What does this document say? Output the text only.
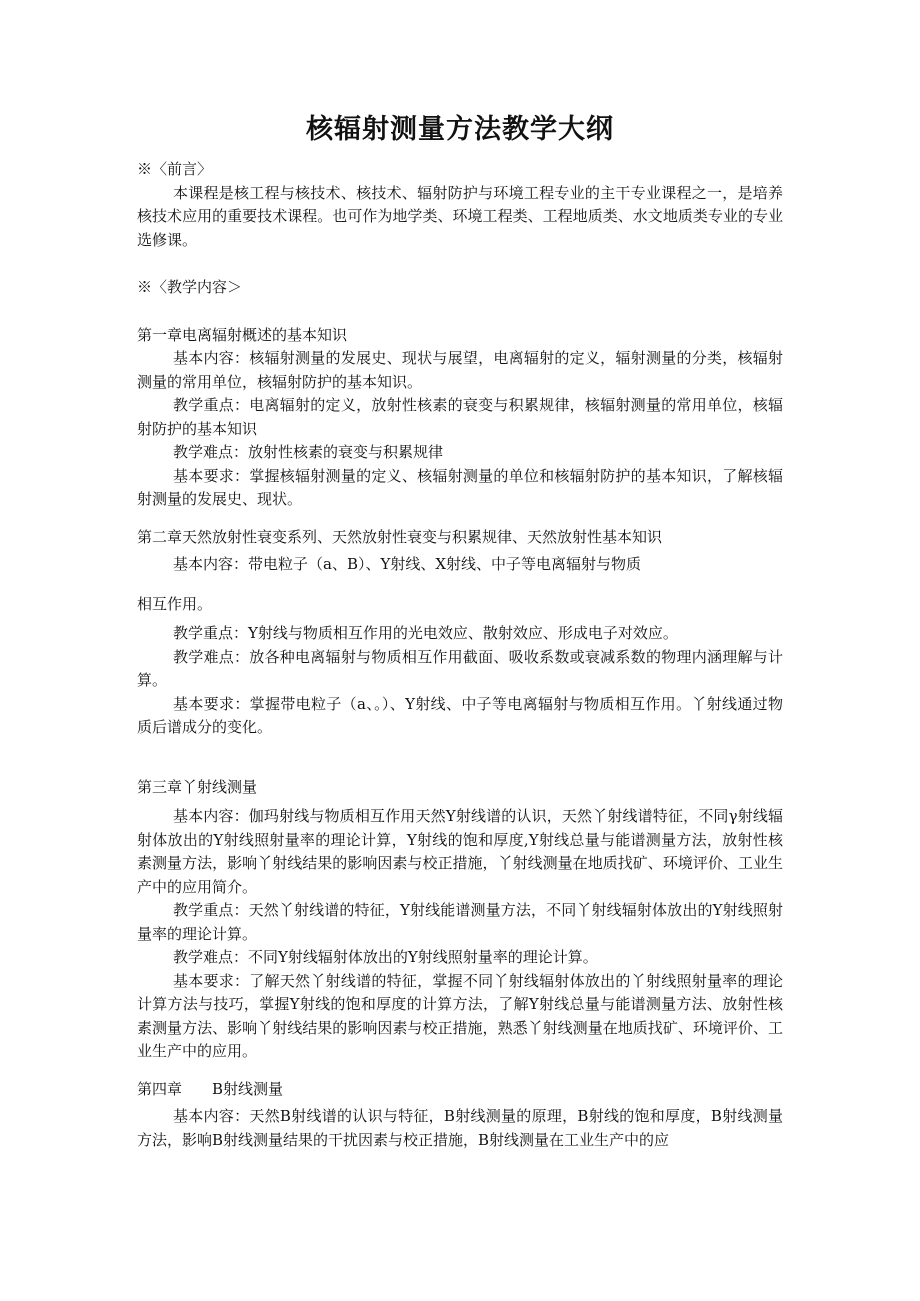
核辐射测量方法教学大纲

※〈前言〉

本课程是核工程与核技术、核技术、辐射防护与环境工程专业的主干专业课程之一，是培养核技术应用的重要技术课程。也可作为地学类、环境工程类、工程地质类、水文地质类专业的专业选修课。

※〈教学内容＞

第一章电离辐射概述的基本知识

基本内容：核辐射测量的发展史、现状与展望，电离辐射的定义，辐射测量的分类，核辐射测量的常用单位，核辐射防护的基本知识。

教学重点：电离辐射的定义，放射性核素的衰变与积累规律，核辐射测量的常用单位，核辐射防护的基本知识

教学难点：放射性核素的衰变与积累规律

基本要求：掌握核辐射测量的定义、核辐射测量的单位和核辐射防护的基本知识，了解核辐射测量的发展史、现状。

第二章天然放射性衰变系列、天然放射性衰变与积累规律、天然放射性基本知识

基本内容：带电粒子（a、B）、Y射线、X射线、中子等电离辐射与物质

相互作用。

教学重点：Y射线与物质相互作用的光电效应、散射效应、形成电子对效应。

教学难点：放各种电离辐射与物质相互作用截面、吸收系数或衰减系数的物理内涵理解与计算。

基本要求：掌握带电粒子（a、。）、Y射线、中子等电离辐射与物质相互作用。丫射线通过物质后谱成分的变化。

第三章丫射线测量

基本内容：伽玛射线与物质相互作用天然Y射线谱的认识，天然丫射线谱特征，不同γ射线辐射体放出的Y射线照射量率的理论计算，Y射线的饱和厚度,Y射线总量与能谱测量方法，放射性核素测量方法，影响丫射线结果的影响因素与校正措施，丫射线测量在地质找矿、环境评价、工业生产中的应用简介。

教学重点：天然丫射线谱的特征，Y射线能谱测量方法，不同丫射线辐射体放出的Y射线照射量率的理论计算。

教学难点：不同Y射线辐射体放出的Y射线照射量率的理论计算。

基本要求：了解天然丫射线谱的特征，掌握不同丫射线辐射体放出的丫射线照射量率的理论计算方法与技巧，掌握Y射线的饱和厚度的计算方法，了解Y射线总量与能谱测量方法、放射性核素测量方法、影响丫射线结果的影响因素与校正措施，熟悉丫射线测量在地质找矿、环境评价、工业生产中的应用。

第四章　　B射线测量

基本内容：天然B射线谱的认识与特征，B射线测量的原理，B射线的饱和厚度，B射线测量方法，影响B射线测量结果的干扰因素与校正措施，B射线测量在工业生产中的应
